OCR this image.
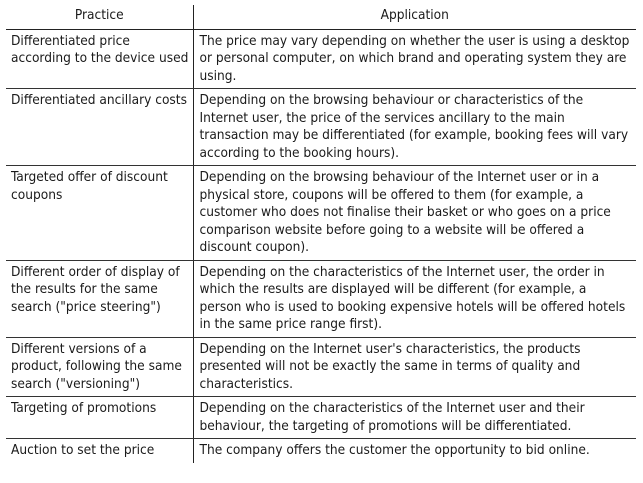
Practice	Application
Differentiated price according to the device used	The price may vary depending on whether the user is using a desktop or personal computer, on which brand and operating system they are using.
Differentiated ancillary costs	Depending on the browsing behaviour or characteristics of the Internet user, the price of the services ancillary to the main transaction may be differentiated (for example, booking fees will vary according to the booking hours).
Targeted offer of discount coupons	Depending on the browsing behaviour of the Internet user or in a physical store, coupons will be offered to them (for example, a customer who does not finalise their basket or who goes on a price comparison website before going to a website will be offered a discount coupon).
Different order of display of the results for the same search ("price steering")	Depending on the characteristics of the Internet user, the order in which the results are displayed will be different (for example, a person who is used to booking expensive hotels will be offered hotels in the same price range first).
Different versions of a product, following the same search ("versioning")	Depending on the Internet user's characteristics, the products presented will not be exactly the same in terms of quality and characteristics.
Targeting of promotions	Depending on the characteristics of the Internet user and their behaviour, the targeting of promotions will be differentiated.
Auction to set the price	The company offers the customer the opportunity to bid online.
